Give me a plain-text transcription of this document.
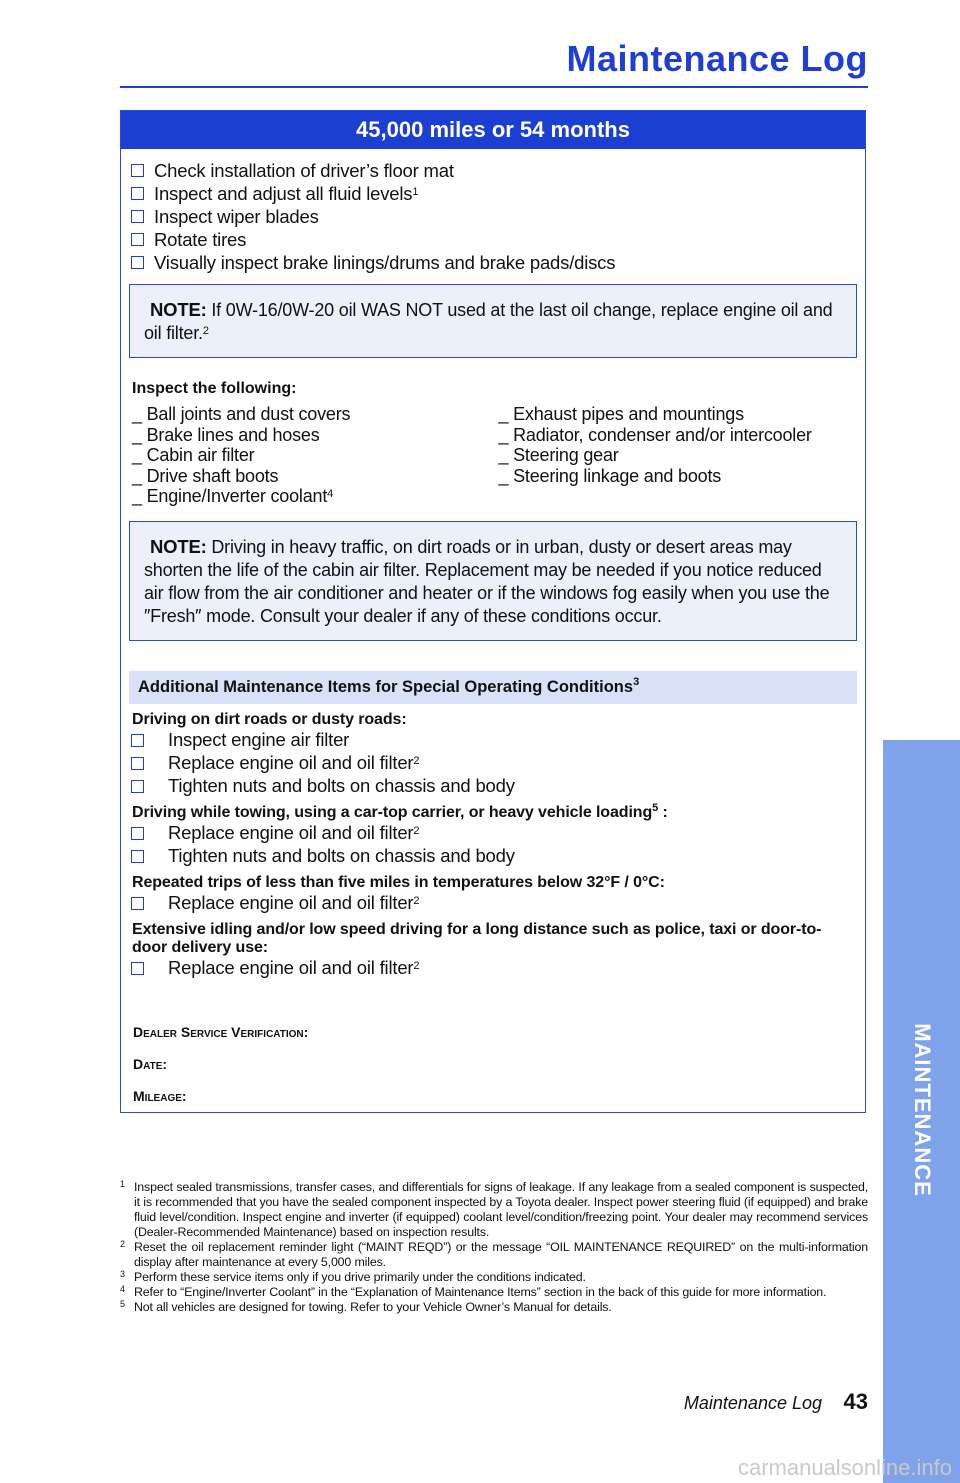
Maintenance Log
45,000 miles or 54 months
Check installation of driver’s floor mat
Inspect and adjust all fluid levels$^1$
Inspect wiper blades
Rotate tires
Visually inspect brake linings/drums and brake pads/discs
NOTE: If 0W-16/0W-20 oil WAS NOT used at the last oil change, replace engine oil and oil filter.$^2$
Inspect the following:
_ Ball joints and dust covers
_ Brake lines and hoses
_ Cabin air filter
_ Drive shaft boots
_ Engine/Inverter coolant$^4$
_ Exhaust pipes and mountings
_ Radiator, condenser and/or intercooler
_ Steering gear
_ Steering linkage and boots
NOTE: Driving in heavy traffic, on dirt roads or in urban, dusty or desert areas may shorten the life of the cabin air filter. Replacement may be needed if you notice reduced air flow from the air conditioner and heater or if the windows fog easily when you use the ″Fresh″ mode. Consult your dealer if any of these conditions occur.
Additional Maintenance Items for Special Operating Conditions$^3$
Driving on dirt roads or dusty roads:
Inspect engine air filter
Replace engine oil and oil filter$^2$
Tighten nuts and bolts on chassis and body
Driving while towing, using a car-top carrier, or heavy vehicle loading$^5$ :
Replace engine oil and oil filter$^2$
Tighten nuts and bolts on chassis and body
Repeated trips of less than five miles in temperatures below 32°F / 0°C:
Replace engine oil and oil filter$^2$
Extensive idling and/or low speed driving for a long distance such as police, taxi or door-to-door delivery use:
Replace engine oil and oil filter$^2$
Dealer Service Verification:
Date:
Mileage:
1 Inspect sealed transmissions, transfer cases, and differentials for signs of leakage. If any leakage from a sealed component is suspected, it is recommended that you have the sealed component inspected by a Toyota dealer. Inspect power steering fluid (if equipped) and brake fluid level/condition. Inspect engine and inverter (if equipped) coolant level/condition/freezing point. Your dealer may recommend services (Dealer-Recommended Maintenance) based on inspection results.
2 Reset the oil replacement reminder light (“MAINT REQD”) or the message “OIL MAINTENANCE REQUIRED” on the multi-information display after maintenance at every 5,000 miles.
3 Perform these service items only if you drive primarily under the conditions indicated.
4 Refer to “Engine/Inverter Coolant” in the “Explanation of Maintenance Items” section in the back of this guide for more information.
5 Not all vehicles are designed for towing. Refer to your Vehicle Owner’s Manual for details.
MAINTENANCE
Maintenance Log 43
carmanualsonline.info
